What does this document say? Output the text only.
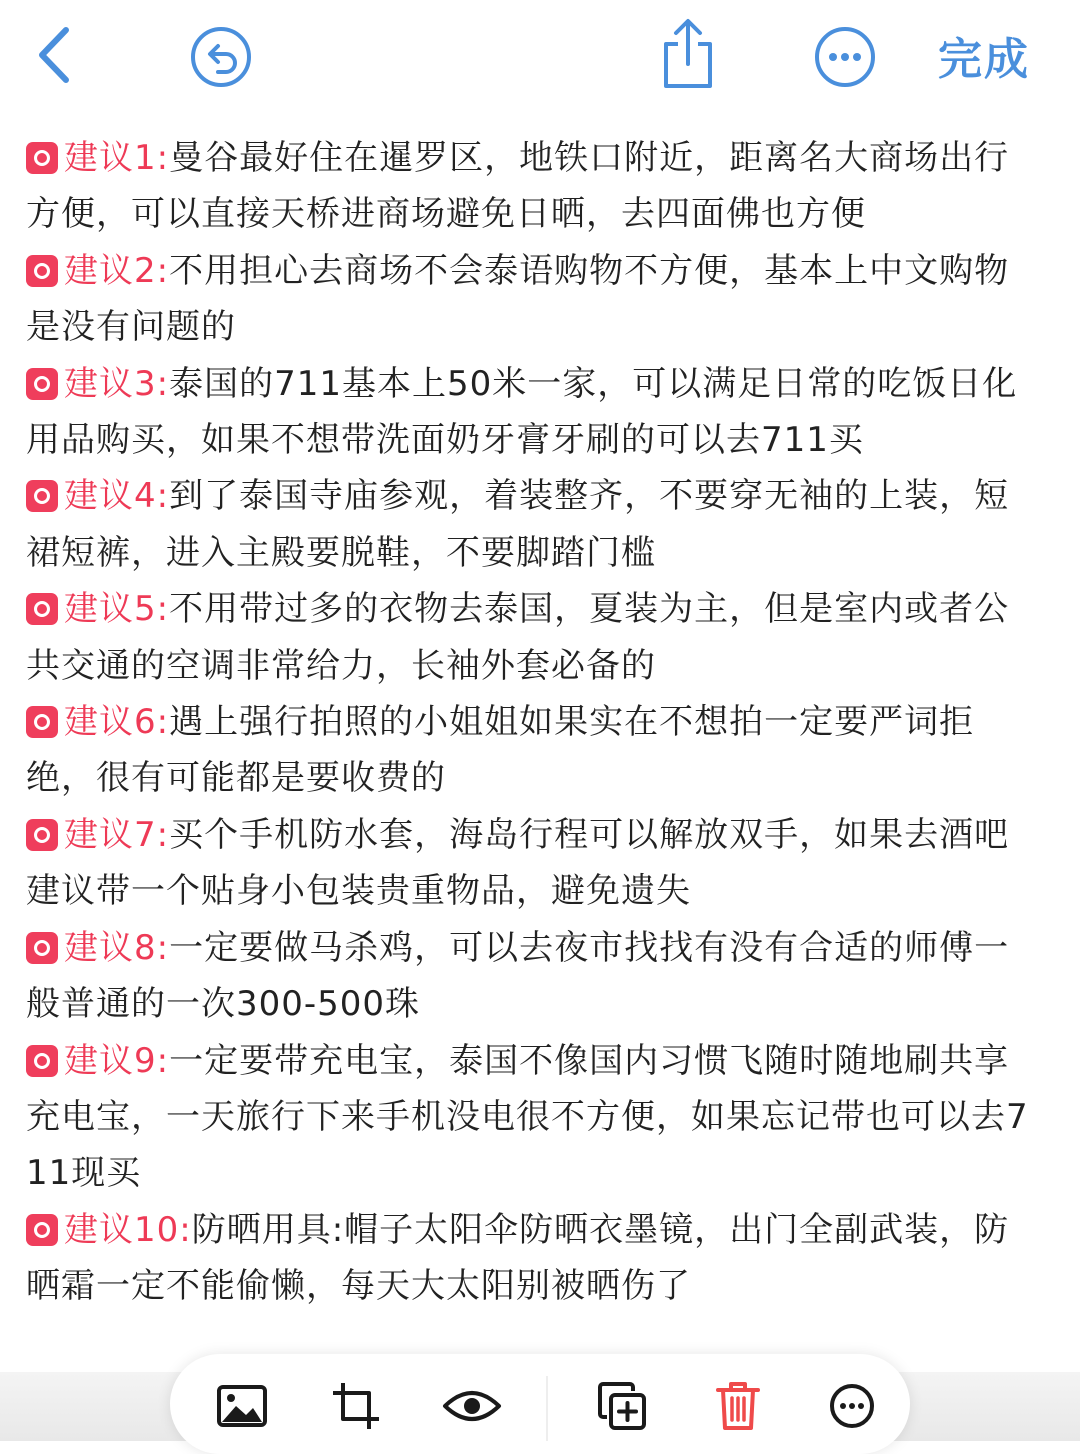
完成
建议1:曼谷最好住在暹罗区，地铁口附近，距离名大商场出行方便，可以直接天桥进商场避免日晒，去四面佛也方便
建议2:不用担心去商场不会泰语购物不方便，基本上中文购物是没有问题的
建议3:泰国的711基本上50米一家，可以满足日常的吃饭日化用品购买，如果不想带洗面奶牙膏牙刷的可以去711买
建议4:到了泰国寺庙参观，着装整齐，不要穿无袖的上装，短裙短裤，进入主殿要脱鞋，不要脚踏门槛
建议5:不用带过多的衣物去泰国，夏装为主，但是室内或者公共交通的空调非常给力，长袖外套必备的
建议6:遇上强行拍照的小姐姐如果实在不想拍一定要严词拒绝，很有可能都是要收费的
建议7:买个手机防水套，海岛行程可以解放双手，如果去酒吧建议带一个贴身小包装贵重物品，避免遗失
建议8:一定要做马杀鸡，可以去夜市找找有没有合适的师傅一般普通的一次300-500珠
建议9:一定要带充电宝，泰国不像国内习惯飞随时随地刷共享充电宝，一天旅行下来手机没电很不方便，如果忘记带也可以去711现买
建议10:防晒用具:帽子太阳伞防晒衣墨镜，出门全副武装，防晒霜一定不能偷懒，每天大太阳别被晒伤了
